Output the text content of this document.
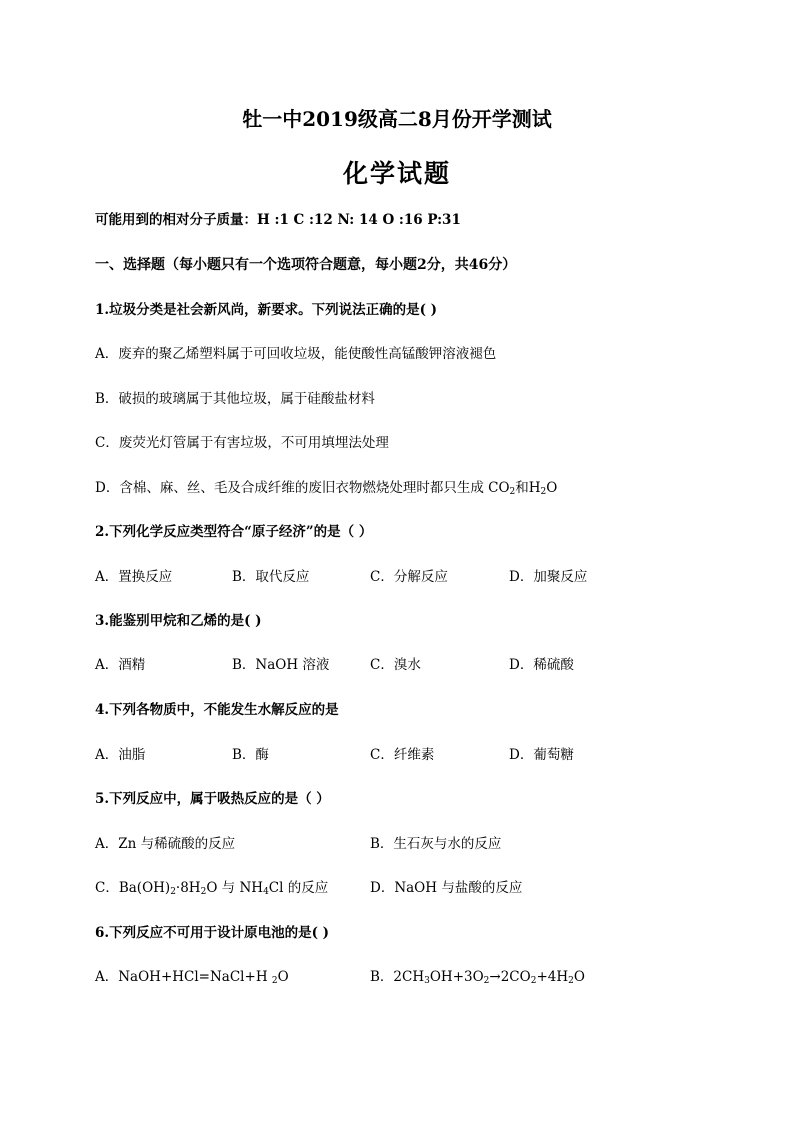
牡一中2019级高二8月份开学测试
化学试题
可能用到的相对分子质量：H :1 C :12 N: 14 O :16 P:31
一、选择题（每小题只有一个选项符合题意，每小题2分，共46分）
1.垃圾分类是社会新风尚，新要求。下列说法正确的是( )
A．废弃的聚乙烯塑料属于可回收垃圾，能使酸性高锰酸钾溶液褪色
B．破损的玻璃属于其他垃圾，属于硅酸盐材料
C．废荧光灯管属于有害垃圾，不可用填埋法处理
D．含棉、麻、丝、毛及合成纤维的废旧衣物燃烧处理时都只生成 $CO_2$和$H_2O$
2.下列化学反应类型符合“原子经济”的是（ ）
A．置换反应	B．取代反应	C．分解反应	D．加聚反应
3.能鉴别甲烷和乙烯的是( )
A．酒精	B．NaOH 溶液	C．溴水	D．稀硫酸
4.下列各物质中，不能发生水解反应的是
A．油脂	B．酶	C．纤维素	D．葡萄糖
5.下列反应中，属于吸热反应的是（ ）
A．Zn 与稀硫酸的反应	B．生石灰与水的反应
C．$Ba(OH)_2\cdot 8H_2O$ 与 $NH_4Cl$ 的反应	D．NaOH 与盐酸的反应
6.下列反应不可用于设计原电池的是( )
A．NaOH+HCl=NaCl+H $_2$O	B．$2CH_3OH+3O_2\to 2CO_2+4H_2O$
